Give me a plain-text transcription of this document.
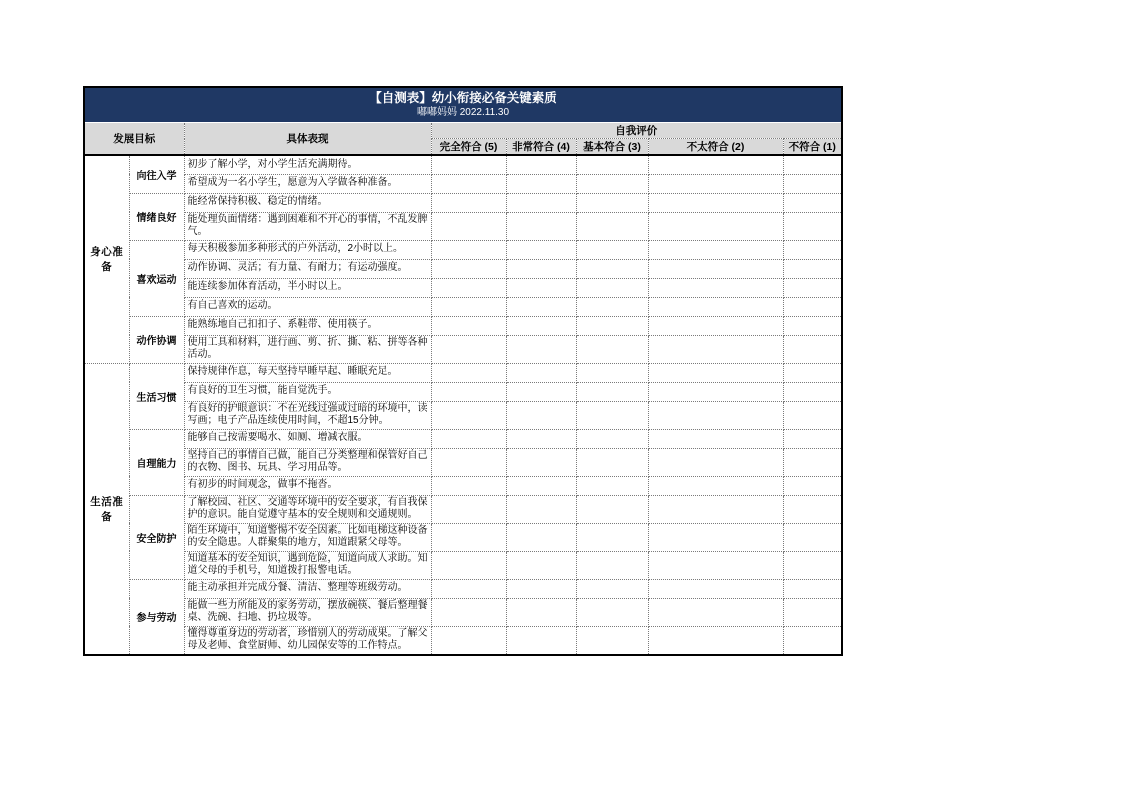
【自测表】幼小衔接必备关键素质
嘟嘟妈妈 2022.11.30							

发展目标		具体表现	自我评价				
			完全符合 (5)	非常符合 (4)	基本符合 (3)	不太符合 (2)	不符合 (1)
身心准备	向往入学	初步了解小学，对小学生活充满期待。					
		希望成为一名小学生，愿意为入学做各种准备。					
	情绪良好	能经常保持积极、稳定的情绪。					
		能处理负面情绪：遇到困难和不开心的事情，不乱发脾气。					
	喜欢运动	每天积极参加多种形式的户外活动，2小时以上。					
		动作协调、灵活；有力量、有耐力；有运动强度。					
		能连续参加体育活动，半小时以上。					
		有自己喜欢的运动。					
	动作协调	能熟练地自己扣扣子、系鞋带、使用筷子。					
		使用工具和材料，进行画、剪、折、撕、粘、拼等各种活动。					
生活准备	生活习惯	保持规律作息，每天坚持早睡早起、睡眠充足。					
		有良好的卫生习惯，能自觉洗手。					
		有良好的护眼意识：不在光线过强或过暗的环境中，读写画；电子产品连续使用时间，不超15分钟。					
	自理能力	能够自己按需要喝水、如厕、增减衣服。					
		坚持自己的事情自己做，能自己分类整理和保管好自己的衣物、图书、玩具、学习用品等。					
		有初步的时间观念，做事不拖沓。					
	安全防护	了解校园、社区、交通等环境中的安全要求，有自我保护的意识。能自觉遵守基本的安全规则和交通规则。					
		陌生环境中，知道警惕不安全因素。比如电梯这种设备的安全隐患。人群聚集的地方，知道跟紧父母等。					
		知道基本的安全知识，遇到危险，知道向成人求助。知道父母的手机号，知道拨打报警电话。					
	参与劳动	能主动承担并完成分餐、清洁、整理等班级劳动。					
		能做一些力所能及的家务劳动，摆放碗筷、餐后整理餐桌、洗碗、扫地、扔垃圾等。					
		懂得尊重身边的劳动者，珍惜别人的劳动成果。了解父母及老师、食堂厨师、幼儿园保安等的工作特点。					
